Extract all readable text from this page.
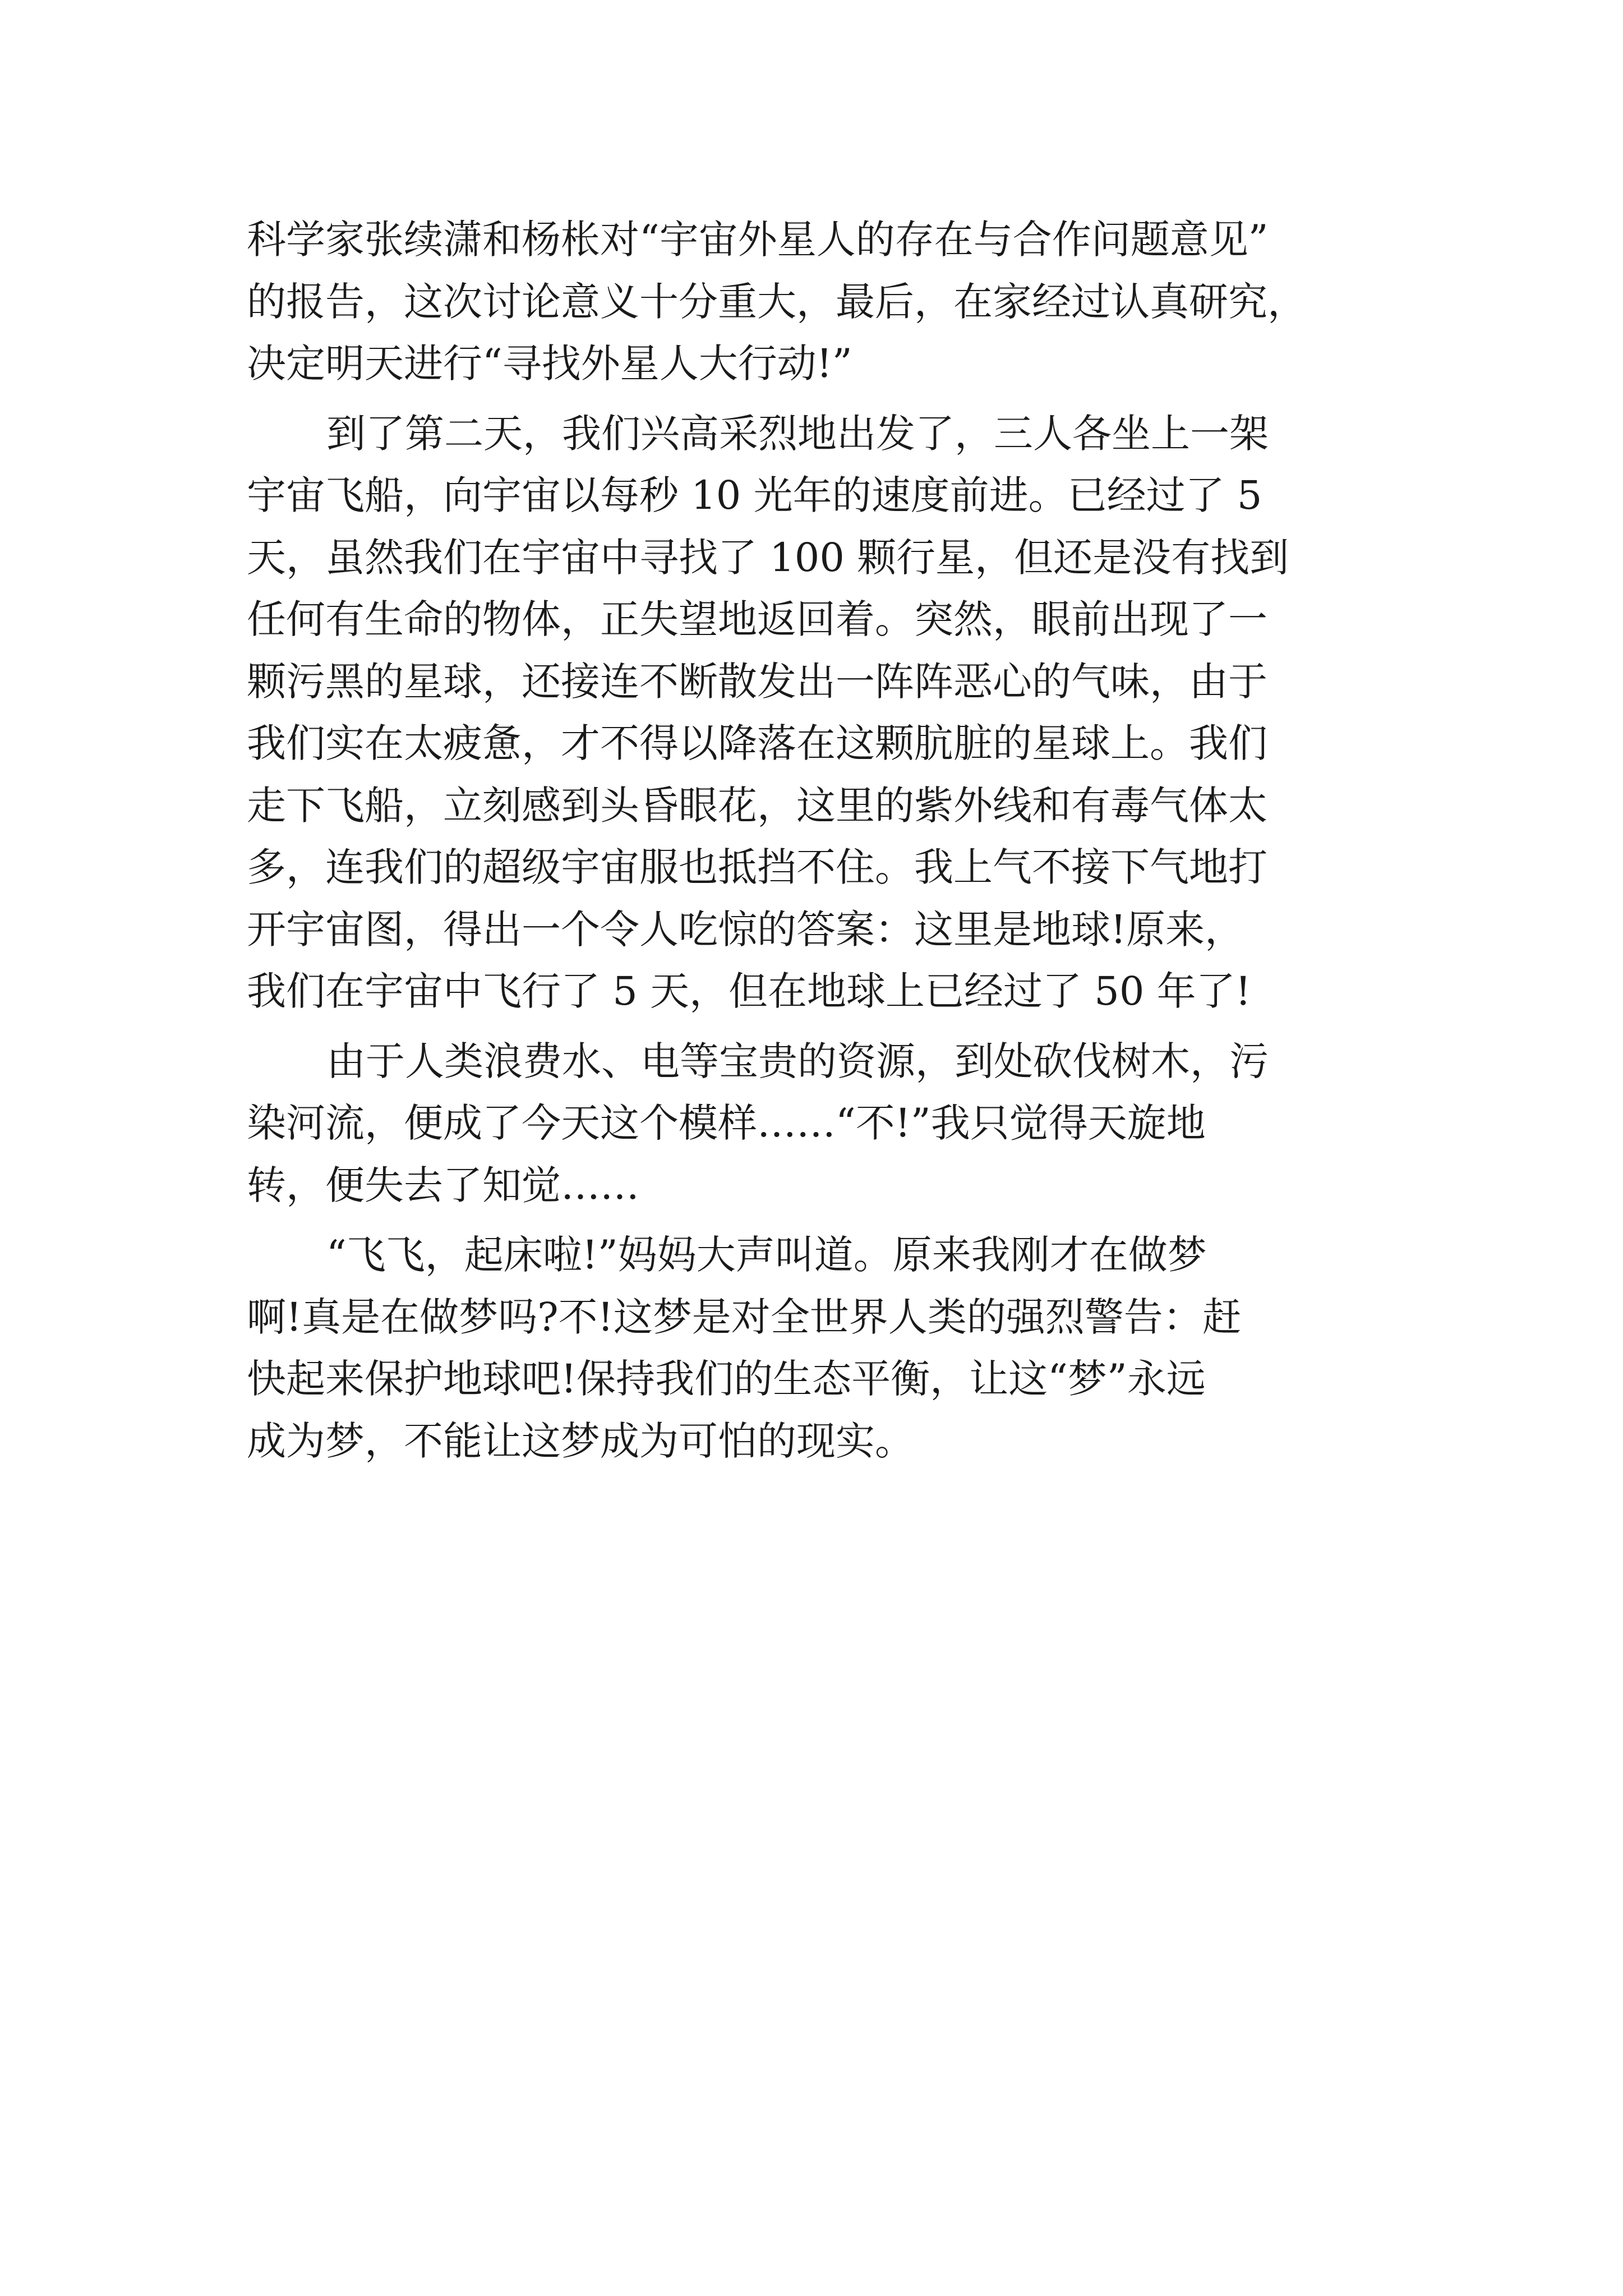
科学家张续潇和杨枨对“宇宙外星人的存在与合作问题意见”
的报告，这次讨论意义十分重大，最后，在家经过认真研究，
决定明天进行“寻找外星人大行动!”
到了第二天，我们兴高采烈地出发了，三人各坐上一架
宇宙飞船，向宇宙以每秒 10 光年的速度前进。已经过了 5
天，虽然我们在宇宙中寻找了 100 颗行星，但还是没有找到
任何有生命的物体，正失望地返回着。突然，眼前出现了一
颗污黑的星球，还接连不断散发出一阵阵恶心的气味，由于
我们实在太疲惫，才不得以降落在这颗肮脏的星球上。我们
走下飞船，立刻感到头昏眼花，这里的紫外线和有毒气体太
多，连我们的超级宇宙服也抵挡不住。我上气不接下气地打
开宇宙图，得出一个令人吃惊的答案：这里是地球!原来，
我们在宇宙中飞行了 5 天，但在地球上已经过了 50 年了!
由于人类浪费水、电等宝贵的资源，到处砍伐树木，污
染河流，便成了今天这个模样……“不!”我只觉得天旋地
转，便失去了知觉……
“飞飞，起床啦!”妈妈大声叫道。原来我刚才在做梦
啊!真是在做梦吗?不!这梦是对全世界人类的强烈警告：赶
快起来保护地球吧!保持我们的生态平衡，让这“梦”永远
成为梦，不能让这梦成为可怕的现实。
